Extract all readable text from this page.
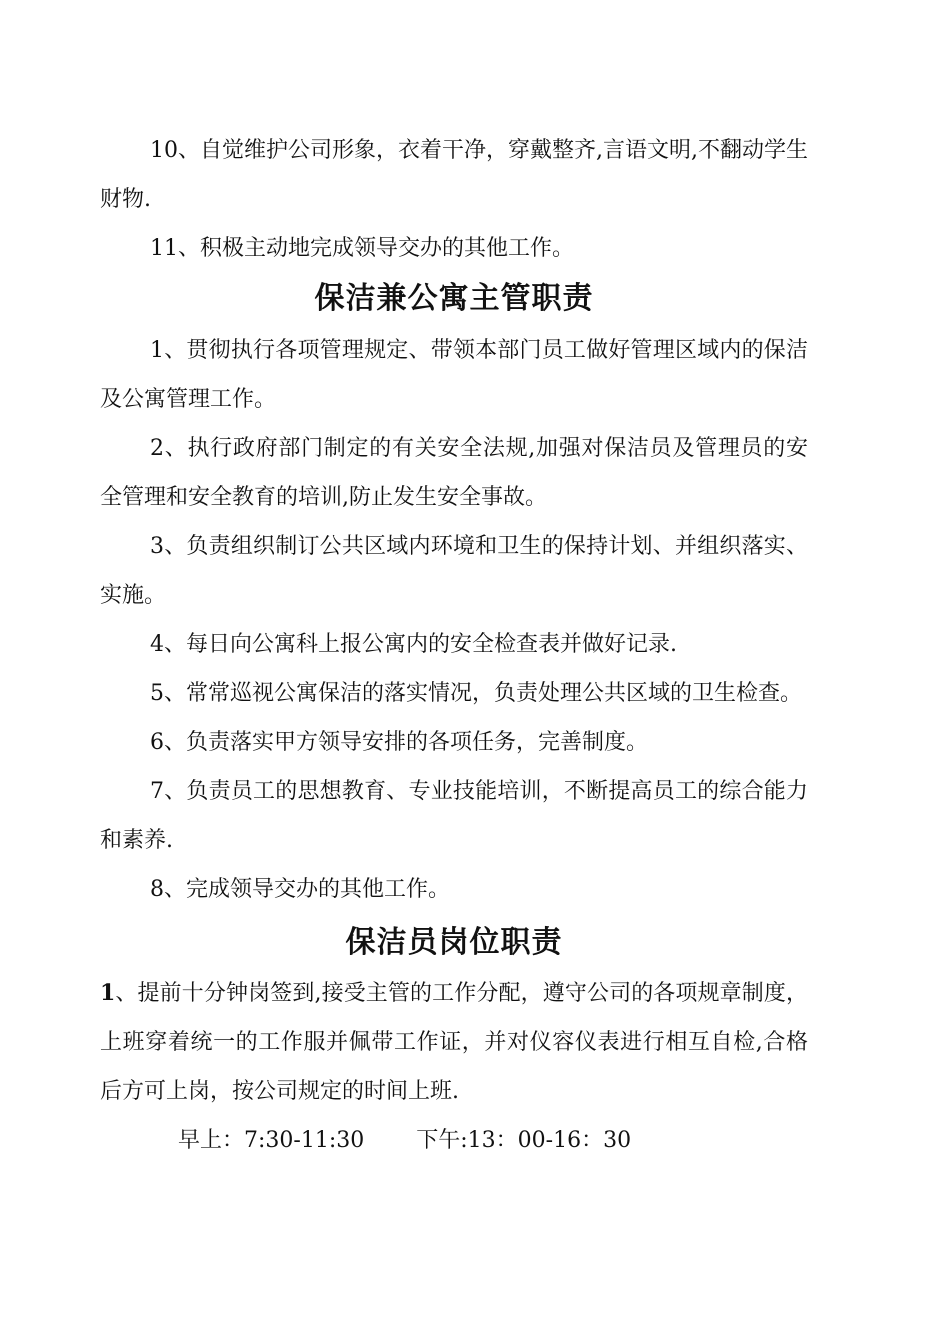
10、自觉维护公司形象，衣着干净，穿戴整齐,言语文明,不翻动学生财物.

11、积极主动地完成领导交办的其他工作。

保洁兼公寓主管职责

1、贯彻执行各项管理规定、带领本部门员工做好管理区域内的保洁及公寓管理工作。

2、执行政府部门制定的有关安全法规,加强对保洁员及管理员的安全管理和安全教育的培训,防止发生安全事故。

3、负责组织制订公共区域内环境和卫生的保持计划、并组织落实、实施。

4、每日向公寓科上报公寓内的安全检查表并做好记录.

5、常常巡视公寓保洁的落实情况，负责处理公共区域的卫生检查。

6、负责落实甲方领导安排的各项任务，完善制度。

7、负责员工的思想教育、专业技能培训，不断提高员工的综合能力和素养.

8、完成领导交办的其他工作。

保洁员岗位职责

1、提前十分钟岗签到,接受主管的工作分配，遵守公司的各项规章制度，上班穿着统一的工作服并佩带工作证，并对仪容仪表进行相互自检,合格后方可上岗，按公司规定的时间上班.

早上：7:30-11:30 下午:13：00-16：30
